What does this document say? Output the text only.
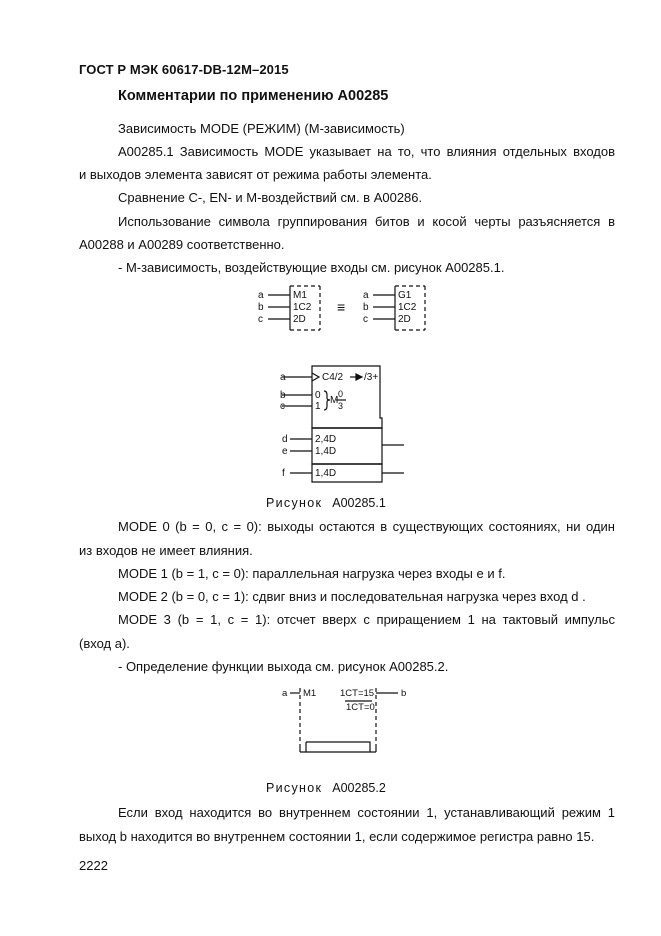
ГОСТ Р МЭК 60617-DB-12M–2015
Комментарии по применению A00285

Зависимость MODE (РЕЖИМ) (M-зависимость)

A00285.1 Зависимость MODE указывает на то, что влияния отдельных входов

и выходов элемента зависят от режима работы элемента.

Сравнение C-, EN- и M-воздействий см. в A00286.

Использование символа группирования битов и косой черты разъясняется в

A00288 и A00289 соответственно.

- M-зависимость, воздействующие входы см. рисунок A00285.1.

a
b
c
M1
1C2
2D
a
b
c
G1
1C2
2D
≡
a
b
c
C4/2 /3+
0
1
M
0
3
d
e
2,4D
1,4D
f	1,4D
Рисунок A00285.1

MODE 0 (b = 0, c = 0): выходы остаются в существующих состояниях, ни один

из входов не имеет влияния.

MODE 1 (b = 1, c = 0): параллельная нагрузка через входы e и f.

MODE 2 (b = 0, c = 1): сдвиг вниз и последовательная нагрузка через вход d .

MODE 3 (b = 1, c = 1): отсчет вверх с приращением 1 на тактовый импульс

(вход a).

- Определение функции выхода см. рисунок A00285.2.

a M1	1CT=15
1CT=0
b
Рисунок A00285.2

Если вход находится во внутреннем состоянии 1, устанавливающий режим 1

выход b находится во внутреннем состоянии 1, если содержимое регистра равно 15.

2222
